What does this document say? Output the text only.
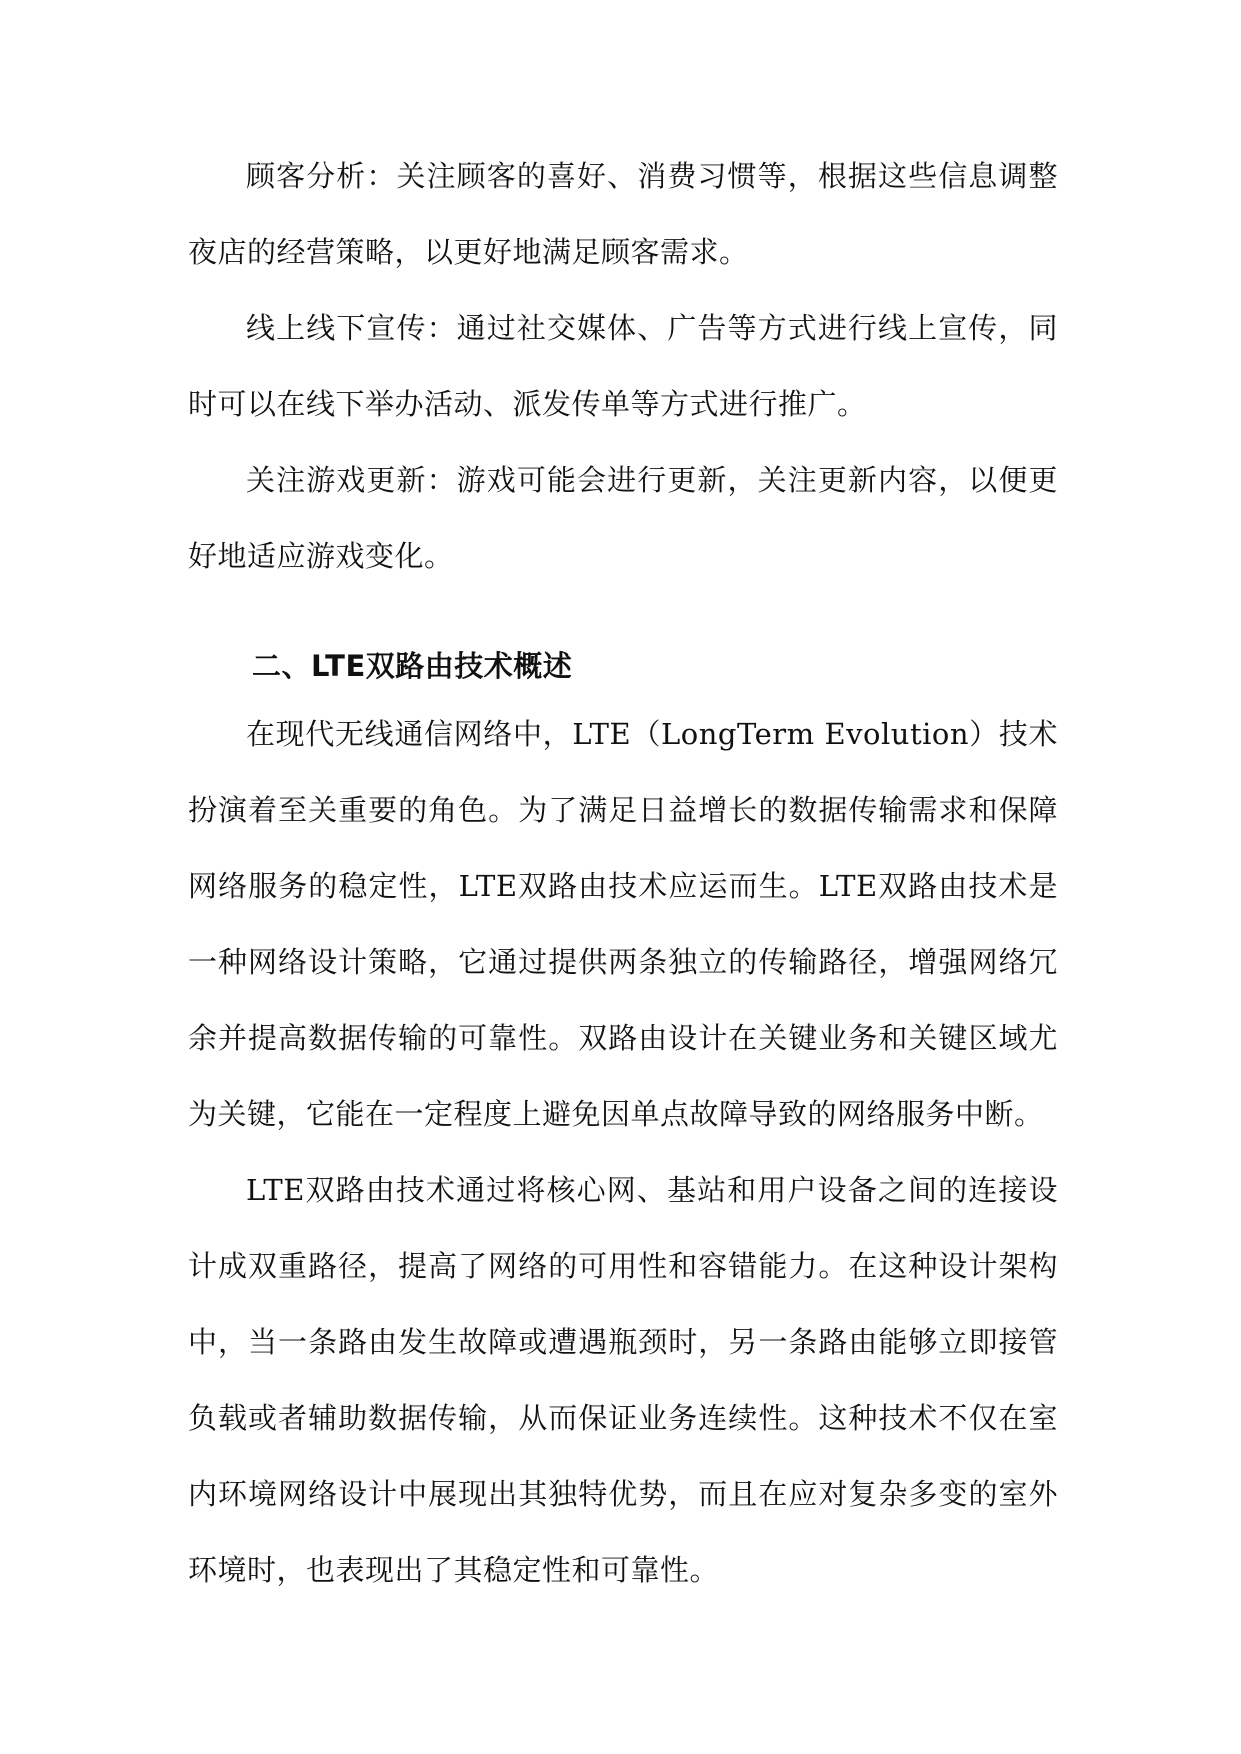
顾客分析：关注顾客的喜好、消费习惯等，根据这些信息调整夜店的经营策略，以更好地满足顾客需求。

线上线下宣传：通过社交媒体、广告等方式进行线上宣传，同时可以在线下举办活动、派发传单等方式进行推广。

关注游戏更新：游戏可能会进行更新，关注更新内容，以便更好地适应游戏变化。

二、LTE双路由技术概述

在现代无线通信网络中，LTE（LongTerm Evolution）技术扮演着至关重要的角色。为了满足日益增长的数据传输需求和保障网络服务的稳定性，LTE双路由技术应运而生。LTE双路由技术是一种网络设计策略，它通过提供两条独立的传输路径，增强网络冗余并提高数据传输的可靠性。双路由设计在关键业务和关键区域尤为关键，它能在一定程度上避免因单点故障导致的网络服务中断。

LTE双路由技术通过将核心网、基站和用户设备之间的连接设计成双重路径，提高了网络的可用性和容错能力。在这种设计架构中，当一条路由发生故障或遭遇瓶颈时，另一条路由能够立即接管负载或者辅助数据传输，从而保证业务连续性。这种技术不仅在室内环境网络设计中展现出其独特优势，而且在应对复杂多变的室外环境时，也表现出了其稳定性和可靠性。
